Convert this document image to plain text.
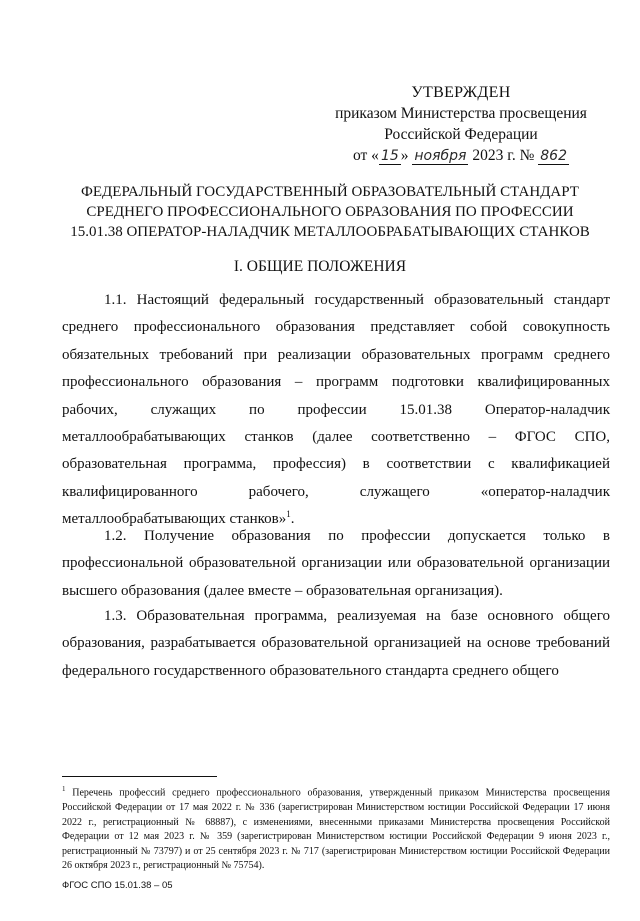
УТВЕРЖДЕН
приказом Министерства просвещения
Российской Федерации
от « 15 » ноября 2023 г. № 862
ФЕДЕРАЛЬНЫЙ ГОСУДАРСТВЕННЫЙ ОБРАЗОВАТЕЛЬНЫЙ СТАНДАРТ
СРЕДНЕГО ПРОФЕССИОНАЛЬНОГО ОБРАЗОВАНИЯ ПО ПРОФЕССИИ
15.01.38 ОПЕРАТОР-НАЛАДЧИК МЕТАЛЛООБРАБАТЫВАЮЩИХ СТАНКОВ
I. ОБЩИЕ ПОЛОЖЕНИЯ

1.1. Настоящий федеральный государственный образовательный стандарт среднего профессионального образования представляет собой совокупность обязательных требований при реализации образовательных программ среднего профессионального образования – программ подготовки квалифицированных рабочих, служащих по профессии 15.01.38 Оператор-наладчик металлообрабатывающих станков (далее соответственно – ФГОС СПО, образовательная программа, профессия) в соответствии с квалификацией квалифицированного рабочего, служащего «оператор-наладчик металлообрабатывающих станков»$^1$.

1.2. Получение образования по профессии допускается только в профессиональной образовательной организации или образовательной организации высшего образования (далее вместе – образовательная организация).

1.3. Образовательная программа, реализуемая на базе основного общего образования, разрабатывается образовательной организацией на основе требований федерального государственного образовательного стандарта среднего общего

$^1$ Перечень профессий среднего профессионального образования, утвержденный приказом Министерства просвещения Российской Федерации от 17 мая 2022 г. № 336 (зарегистрирован Министерством юстиции Российской Федерации 17 июня 2022 г., регистрационный № 68887), с изменениями, внесенными приказами Министерства просвещения Российской Федерации от 12 мая 2023 г. № 359 (зарегистрирован Министерством юстиции Российской Федерации 9 июня 2023 г., регистрационный № 73797) и от 25 сентября 2023 г. № 717 (зарегистрирован Министерством юстиции Российской Федерации 26 октября 2023 г., регистрационный № 75754).
ФГОС СПО 15.01.38 – 05
